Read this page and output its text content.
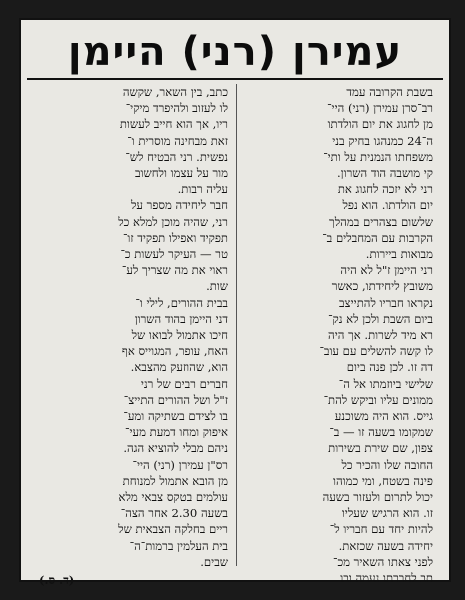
עמירן (רני) היימן

בשבת הקרובה עמד
רב־סרן עמירן (רני) היי־
מן לחגוג את יום הולדתו
ה־24 כמנהגו בחיק בני
משפחתו הנמנית על ותי־
קי מושבה הוד השרון.
רני לא יזכה לחגוג את
יום הולדתו. הוא נפל
שלשום בצהרים במהלך
הקרבות עם המחבלים ב־
מבואות ביירות.

רני היימן ז"ל לא היה
משובץ ליחידתו, כאשר
נקראו חבריו להתייצב
ביום השבת ולכן לא נק־
רא מיד לשרות. אך היה
לו קשה להשלים עם עוב־
דה זו. לכן פנה ביום
שלישי ביוזמתו אל ה־
ממונים עליו וביקש להת־
גייס. הוא היה משוכנע
שמקומו בשעה זו — ב־
צפון, שם שירת בשירות
החובה שלו והכיר כל
פינה בשטח, ומי כמוהו
יכול לתרום ולעזור בשעה
זו. הוא הרגיש שעליו
להיות יחד עם חבריו ל־
יחידה בשעה שכזאת.

לפני צאתו השאיר מכ־
תב לחברתו נעמה ובו

כתב, בין השאר, שקשה
לו לעזוב ולהיפרד מיקי־
ריו, אך הוא חייב לעשות
זאת מבחינה מוסרית ו־
נפשית. רני הבטיח לש־
מור על עצמו ולחשוב
עליה רבות.

חבר ליחידה מספר על
רני, שהיה מוכן למלא כל
תפקיד ואפילו תפקיד זו־
טר — העיקר לעשות כ־
ראוי את מה שצריך לע־
שות.

בבית ההורים, לילי ו־
דני היימן בהוד השרון
חיכו אתמול לבואו של
האח, עופר, המגוייס אף
הוא, שהוזעק מהצבא.

חברים רבים של רני
ז"ל ושל ההורים התייצ־
בו לצידם בשתיקה ומע־
איפוק ומחו דמעת מעי־
ניהם מבלי להוציא הגה.

רס"ן עמירן (רני) היי־
מן הובא אתמול למנוחת
עולמים בטקס צבאי מלא
בשעה 2.30 אחר הצה־
ריים בחלקה הצבאית של
בית העלמין ברמות־ה־
שבים.

(ד. ס.)
